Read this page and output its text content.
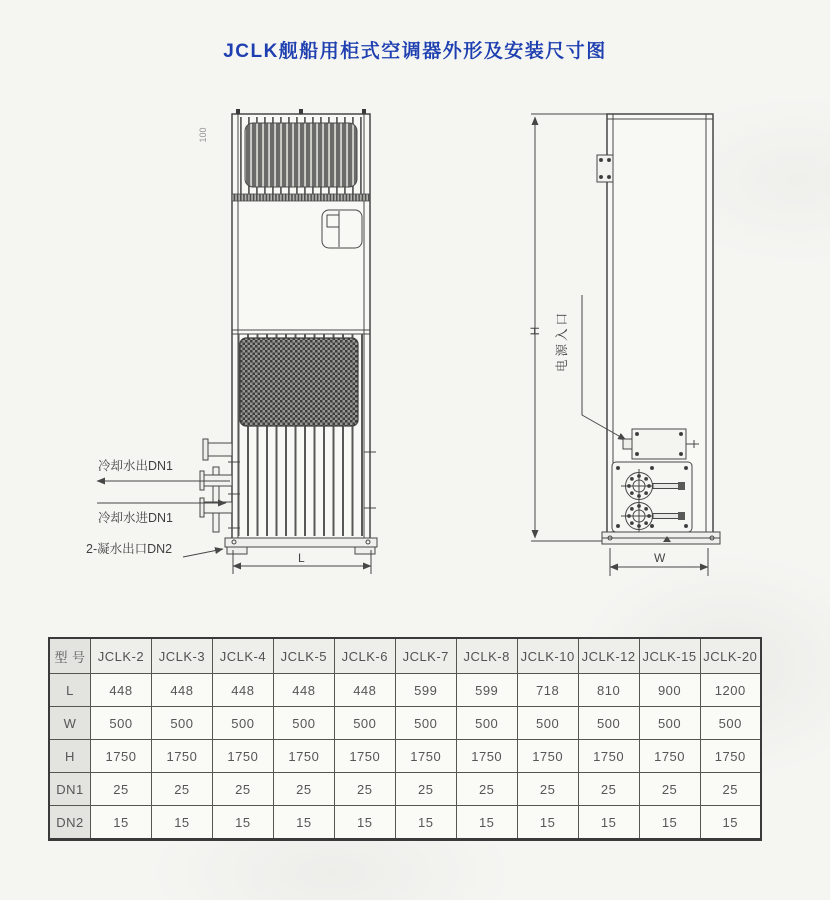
JCLK舰船用柜式空调器外形及安装尺寸图
冷却水出DN1
冷却水进DN1
2-凝水出口DN2
L
100
电源入口
H
W
型 号	JCLK-2	JCLK-3	JCLK-4	JCLK-5	JCLK-6	JCLK-7	JCLK-8	JCLK-10	JCLK-12	JCLK-15	JCLK-20
L	448	448	448	448	448	599	599	718	810	900	1200
W	500	500	500	500	500	500	500	500	500	500	500
H	1750	1750	1750	1750	1750	1750	1750	1750	1750	1750	1750
DN1	25	25	25	25	25	25	25	25	25	25	25
DN2	15	15	15	15	15	15	15	15	15	15	15
